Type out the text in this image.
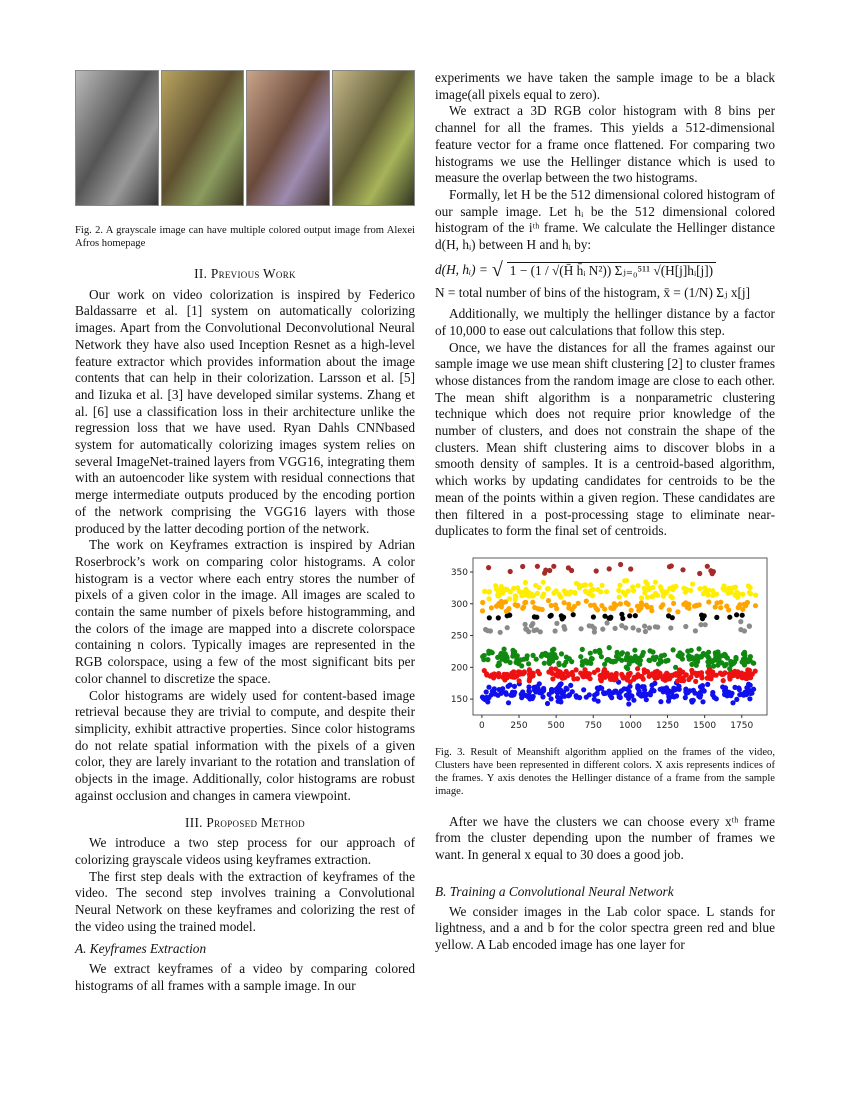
Fig. 2. A grayscale image can have multiple colored output image from Alexei Afros homepage
II. Previous Work

Our work on video colorization is inspired by Federico Baldassarre et al. [1] system on automatically colorizing images. Apart from the Convolutional Deconvolutional Neural Network they have also used Inception Resnet as a high-level feature extractor which provides information about the image contents that can help in their colorization. Larsson et al. [5] and Iizuka et al. [3] have developed similar systems. Zhang et al. [6] use a classification loss in their architecture unlike the regression loss that we have used. Ryan Dahls CNNbased system for automatically colorizing images system relies on several ImageNet-trained layers from VGG16, integrating them with an autoencoder like system with residual connections that merge intermediate outputs produced by the encoding portion of the network comprising the VGG16 layers with those produced by the latter decoding portion of the network.

The work on Keyframes extraction is inspired by Adrian Roserbrock’s work on comparing color histograms. A color histogram is a vector where each entry stores the number of pixels of a given color in the image. All images are scaled to contain the same number of pixels before histogramming, and the colors of the image are mapped into a discrete colorspace containing n colors. Typically images are represented in the RGB colorspace, using a few of the most significant bits per color channel to discretize the space.

Color histograms are widely used for content-based image retrieval because they are trivial to compute, and despite their simplicity, exhibit attractive properties. Since color histograms do not relate spatial information with the pixels of a given color, they are larely invariant to the rotation and translation of objects in the image. Additionally, color histograms are robust against occlusion and changes in camera viewpoint.

III. Proposed Method

We introduce a two step process for our approach of colorizing grayscale videos using keyframes extraction.

The first step deals with the extraction of keyframes of the video. The second step involves training a Convolutional Neural Network on these keyframes and colorizing the rest of the video using the trained model.

A. Keyframes Extraction

We extract keyframes of a video by comparing colored histograms of all frames with a sample image. In our

experiments we have taken the sample image to be a black image(all pixels equal to zero).

We extract a 3D RGB color histogram with 8 bins per channel for all the frames. This yields a 512-dimensional feature vector for a frame once flattened. For comparing two histograms we use the Hellinger distance which is used to measure the overlap between the two histograms.

Formally, let H be the 512 dimensional colored histogram of our sample image. Let hᵢ be the 512 dimensional colored histogram of the iᵗʰ frame. We calculate the Hellinger distance d(H, hᵢ) between H and hᵢ by:

d(H, hᵢ) = √ 1 − (1 / √(H̄ h̄ᵢ N²)) Σⱼ₌₀⁵¹¹ √(H[j]hᵢ[j])
N = total number of bins of the histogram, x̄ = (1/N) Σⱼ x[j]

Additionally, we multiply the hellinger distance by a factor of 10,000 to ease out calculations that follow this step.

Once, we have the distances for all the frames against our sample image we use mean shift clustering [2] to cluster frames whose distances from the random image are close to each other. The mean shift algorithm is a nonparametric clustering technique which does not require prior knowledge of the number of clusters, and does not constrain the shape of the clusters. Mean shift clustering aims to discover blobs in a smooth density of samples. It is a centroid-based algorithm, which works by updating candidates for centroids to be the mean of the points within a given region. These candidates are then filtered in a post-processing stage to eliminate near-duplicates to form the final set of centroids.

0	250 500 750 1000 1250 1500 1750
150
200
250
300
350
Fig. 3. Result of Meanshift algorithm applied on the frames of the video, Clusters have been represented in different colors. X axis represents indices of the frames. Y axis denotes the Hellinger distance of a frame from the sample image.

After we have the clusters we can choose every xᵗʰ frame from the cluster depending upon the number of frames we want. In general x equal to 30 does a good job.

B. Training a Convolutional Neural Network

We consider images in the Lab color space. L stands for lightness, and a and b for the color spectra green red and blue yellow. A Lab encoded image has one layer for
